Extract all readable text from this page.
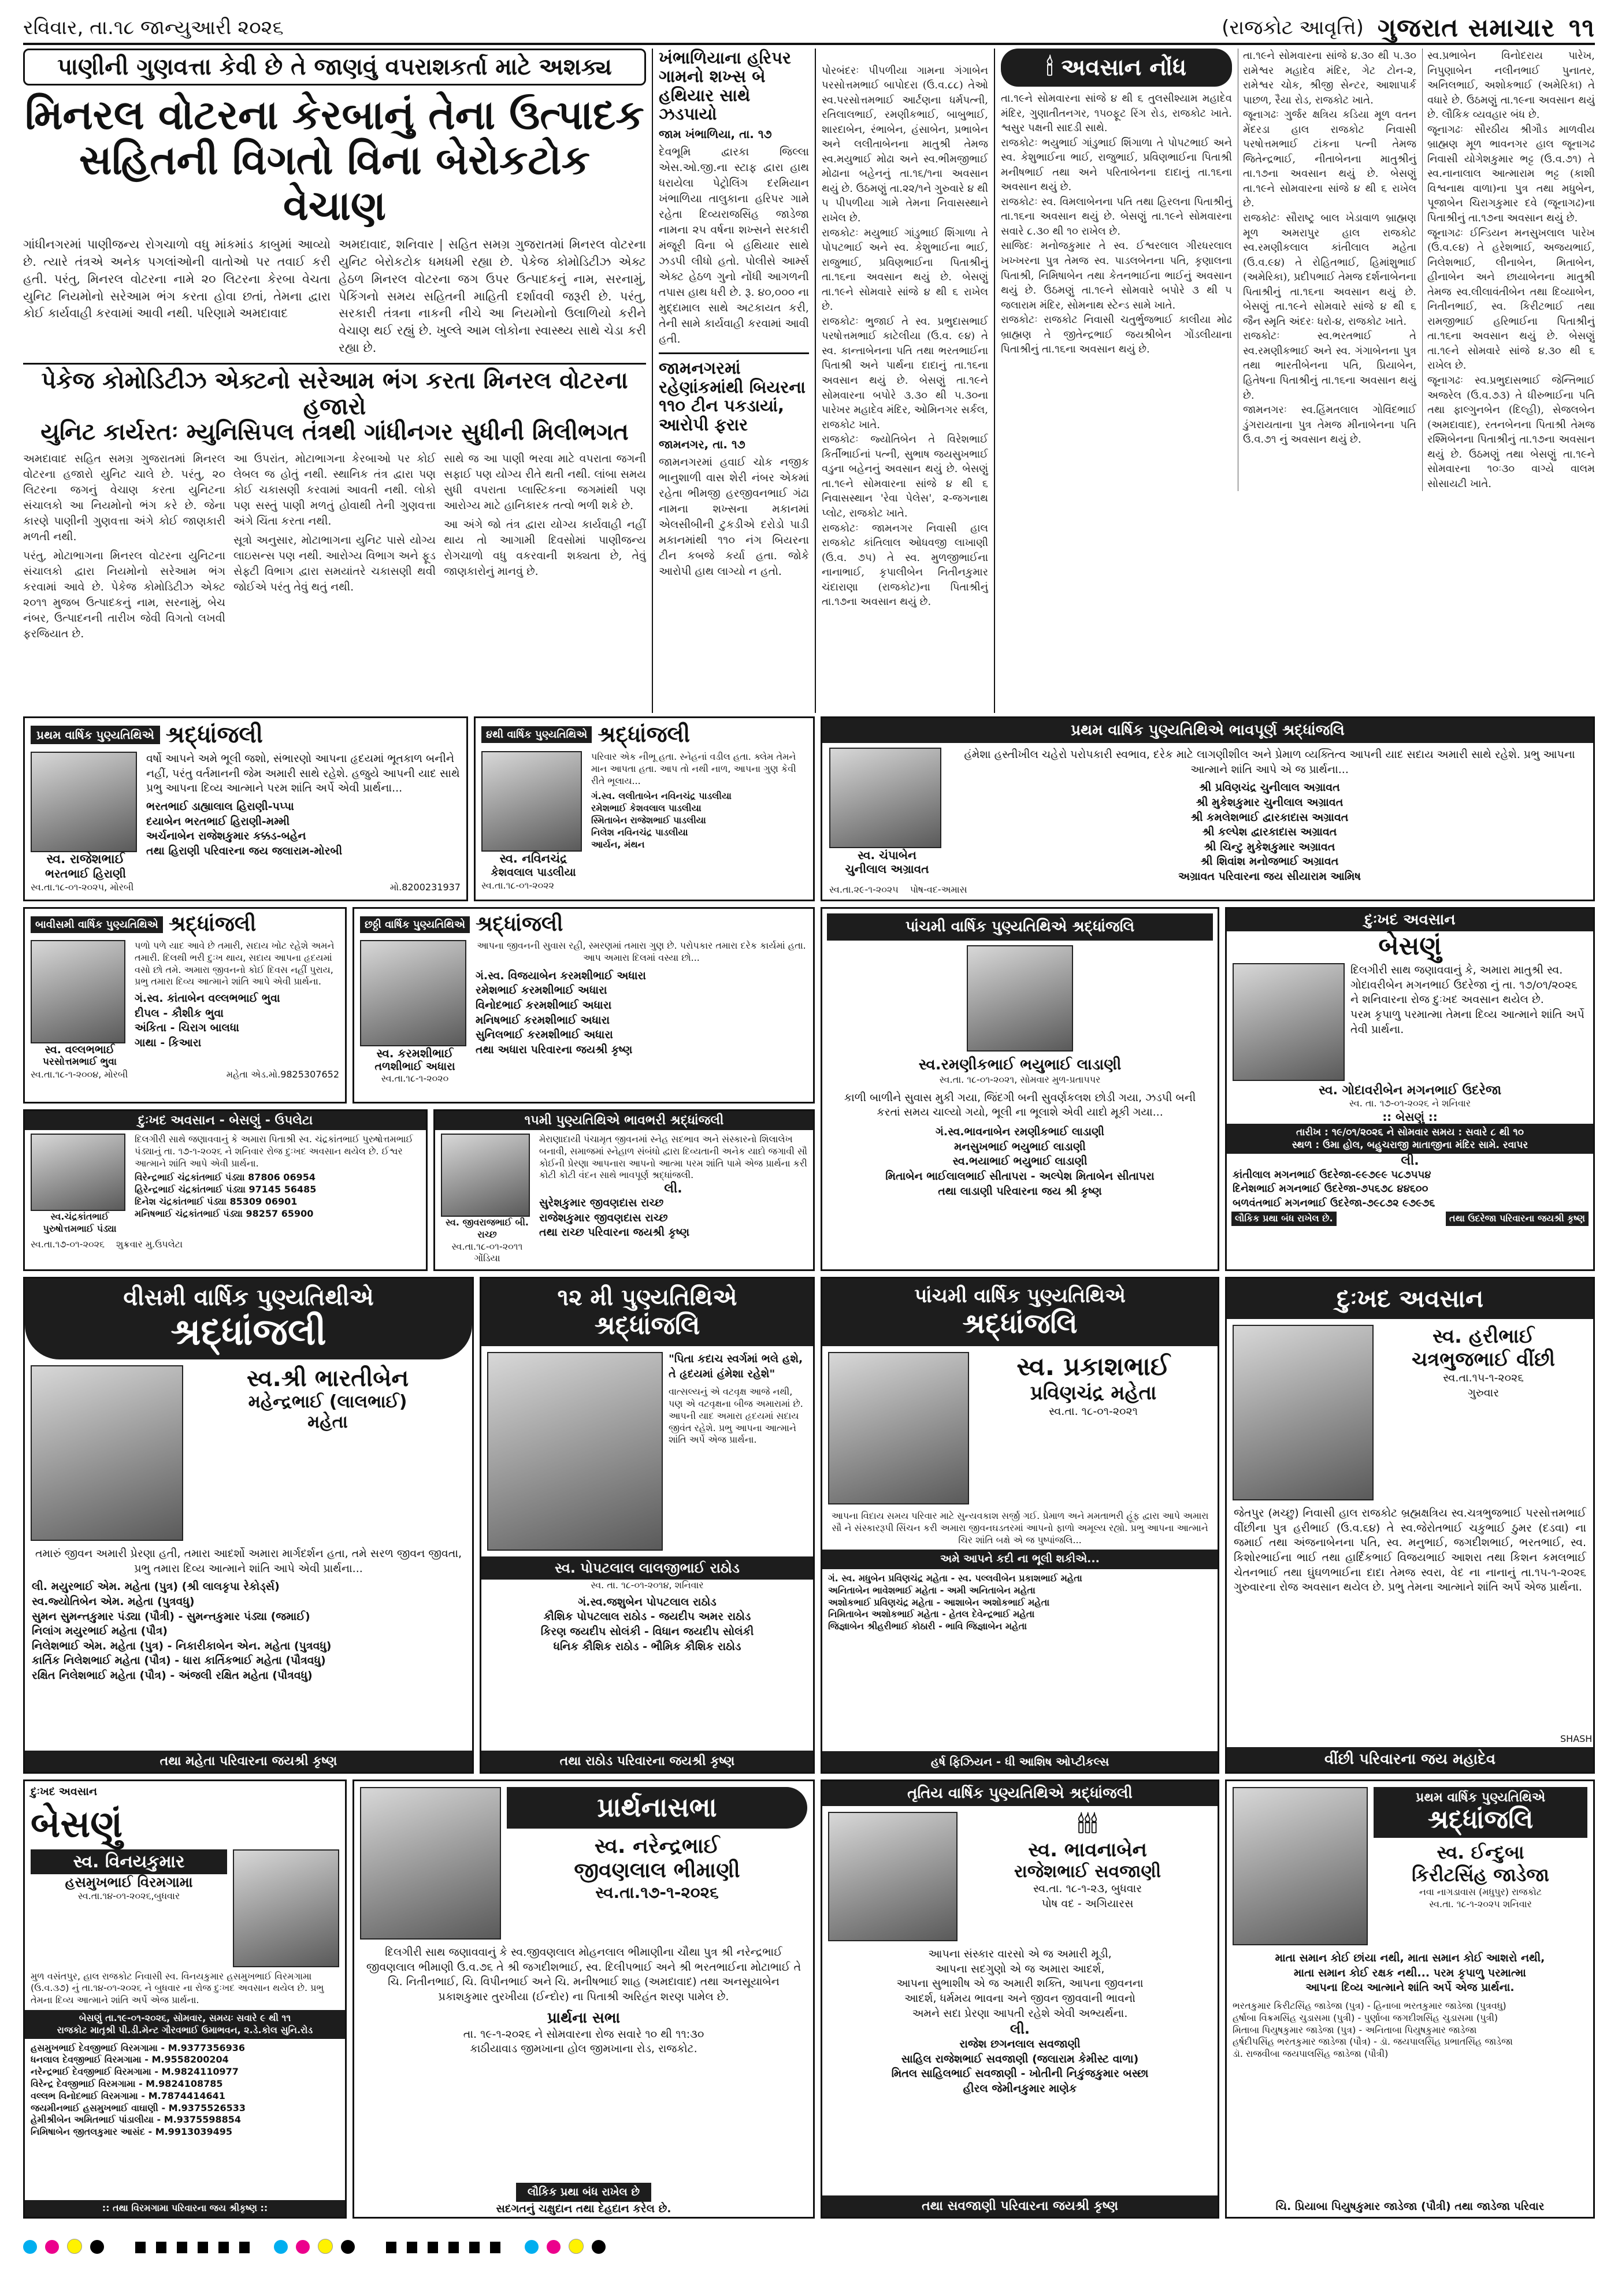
રવિવાર, તા.૧૮ જાન્યુઆરી ૨૦૨૬	(રાજકોટ આવૃત્તિ) ગુજરાત સમાચાર ૧૧
પાણીની ગુણવત્તા કેવી છે તે જાણવું વપરાશકર્તા માટે અશક્ય
મિનરલ વોટરના કેરબાનું તેના ઉત્પાદક
સહિતની વિગતો વિના બેરોકટોક વેચાણ
ગાંધીનગરમાં પાણીજન્ય રોગચાળો વધુ માંકમાંડ કાબુમાં આવ્યો છે. ત્યારે તંત્રએ અનેક પગલાંઓની વાતોઓ પર તવાઈ કરી હતી. પરંતુ, મિનરલ વોટરના નામે ૨૦ લિટરના કેરબા વેચતા યુનિટ નિયમોનો સરેઆમ ભંગ કરતા હોવા છતાં, તેમના દ્વારા કોઈ કાર્યવાહી કરવામાં આવી નથી. પરિણામે અમદાવાદ
અમદાવાદ, શનિવાર | સહિત સમગ્ર ગુજરાતમાં મિનરલ વોટરના યુનિટ બેરોકટોક ધમધમી રહ્યા છે. પેકેજ કોમોડિટીઝ એક્ટ હેઠળ મિનરલ વોટરના જગ ઉપર ઉત્પાદકનું નામ, સરનામું, પેકિંગનો સમય સહિતની માહિતી દર્શાવવી જરૂરી છે. પરંતુ, સરકારી તંત્રના નાકની નીચે આ નિયમોનો ઉલાળિયો કરીને વેચાણ થઈ રહ્યું છે. ખુલ્લે આમ લોકોના સ્વાસ્થ્ય સાથે ચેડા કરી રહ્યા છે.
પેકેજ કોમોડિટીઝ એક્ટનો સરેઆમ ભંગ કરતા મિનરલ વોટરના હજારો
યુનિટ કાર્યરતઃ મ્યુનિસિપલ તંત્રથી ગાંધીનગર સુધીની મિલીભગત

અમદાવાદ સહિત સમગ્ર ગુજરાતમાં મિનરલ વોટરના હજારો યુનિટ ચાલે છે. પરંતુ, ૨૦ લિટરના જગનું વેચાણ કરતા યુનિટના સંચાલકો આ નિયમોનો ભંગ કરે છે. જેના કારણે પાણીની ગુણવત્તા અંગે કોઈ જાણકારી મળતી નથી.

પરંતુ, મોટાભાગના મિનરલ વોટરના યુનિટના સંચાલકો દ્વારા નિયમોનો સરેઆમ ભંગ કરવામાં આવે છે. પેકેજ કોમોડિટીઝ એક્ટ ૨૦૧૧ મુજબ ઉત્પાદકનું નામ, સરનામું, બેચ નંબર, ઉત્પાદનની તારીખ જેવી વિગતો લખવી ફરજિયાત છે.

આ ઉપરાંત, મોટાભાગના કેરબાઓ પર કોઈ લેબલ જ હોતું નથી. સ્થાનિક તંત્ર દ્વારા પણ કોઈ ચકાસણી કરવામાં આવતી નથી. લોકો પણ સસ્તું પાણી મળતું હોવાથી તેની ગુણવત્તા અંગે ચિંતા કરતા નથી.

સૂત્રો અનુસાર, મોટાભાગના યુનિટ પાસે યોગ્ય લાઇસન્સ પણ નથી. આરોગ્ય વિભાગ અને ફૂડ સેફ્ટી વિભાગ દ્વારા સમયાંતરે ચકાસણી થવી જોઈએ પરંતુ તેવું થતું નથી.

સાથે જ આ પાણી ભરવા માટે વપરાતા જગની સફાઈ પણ યોગ્ય રીતે થતી નથી. લાંબા સમય સુધી વપરાતા પ્લાસ્ટિકના જગમાંથી પણ આરોગ્ય માટે હાનિકારક તત્વો ભળી શકે છે.

આ અંગે જો તંત્ર દ્વારા યોગ્ય કાર્યવાહી નહીં થાય તો આગામી દિવસોમાં પાણીજન્ય રોગચાળો વધુ વકરવાની શક્યતા છે, તેવું જાણકારોનું માનવું છે.

ખંભાળિયાના હરિપર ગામનો શખ્સ બે હથિયાર સાથે ઝડપાયો
જામ ખંભાળિયા, તા. ૧૭
દેવભૂમિ દ્વારકા જિલ્લા એસ.ઓ.જી.ના સ્ટાફ દ્વારા હાથ ધરાયેલા પેટ્રોલિંગ દરમિયાન ખંભાળિયા તાલુકાના હરિપર ગામે રહેતા દિવ્યરાજસિંહ જાડેજા નામના ૨૫ વર્ષના શખ્સને સરકારી મંજૂરી વિના બે હથિયાર સાથે ઝડપી લીધો હતો. પોલીસે આર્મ્સ એક્ટ હેઠળ ગુનો નોંધી આગળની તપાસ હાથ ધરી છે. રૂ. ૪૦,૦૦૦ ના મુદ્દામાલ સાથે અટકાયત કરી, તેની સામે કાર્યવાહી કરવામાં આવી હતી.
જામનગરમાં રહેણાંકમાંથી બિયરના ૧૧૦ ટીન પકડાયાં, આરોપી ફરાર
જામનગર, તા. ૧૭
જામનગરમાં હવાઈ ચોક નજીક ભાનુશાળી વાસ શેરી નંબર એકમાં રહેતા ભીમજી હરજીવનભાઈ ગંઢા નામના શખ્સના મકાનમાં એલસીબીની ટુકડીએ દરોડો પાડી મકાનમાંથી ૧૧૦ નંગ બિયરના ટીન કબજે કર્યા હતા. જોકે આરોપી હાથ લાગ્યો ન હતો.

પોરબંદરઃ પીપળીયા ગામના ગંગાબેન પરસોત્તમભાઈ બાપોદરા (ઉ.વ.૮૮) તેઓ સ્વ.પરસોત્તમભાઈ આર્ટણના ધર્મપત્ની, રતિલાલભાઈ, રમણીકભાઈ, બાબુભાઈ, શારદાબેન, રંભાબેન, હંસાબેન, પ્રભાબેન અને લલીતાબેનના માતુશ્રી તેમજ સ્વ.મયુભાઈ મોઢા અને સ્વ.ભીમજીભાઈ મોઢાના બહેનનું તા.૧૬/૧ના અવસાન થયું છે. ઉઠમણું તા.૨૨/૧ને ગુરુવારે ૪ થી ૫ પીપળીયા ગામે તેમના નિવાસસ્થાને રાખેલ છે.
રાજકોટઃ મયુભાઈ ગાંડુભાઈ શિંગાળા તે પોપટભાઈ અને સ્વ. કેશુભાઈના ભાઈ, રાજુભાઈ, પ્રવિણભાઈના પિતાશ્રીનું તા.૧૬ના અવસાન થયું છે. બેસણું તા.૧૯ને સોમવારે સાંજે ૪ થી ૬ રાખેલ છે.
રાજકોટઃ ભુજાઈ તે સ્વ. પ્રભુદાસભાઈ પરષોત્તમભાઈ કાટેલીયા (ઉ.વ. ૯૪) તે સ્વ. કાન્તાબેનના પતિ તથા ભરતભાઈના પિતાશ્રી અને પાર્થના દાદાનું તા.૧૬ના અવસાન થયું છે. બેસણું તા.૧૯ને સોમવારના બપોરે ૩.૩૦ થી ૫.૩૦ના પારેખર મહાદેવ મંદિર, ઓમિનગર સર્કલ, રાજકોટ ખાતે.
રાજકોટઃ જ્યોતિબેન તે વિરેશભાઈ કિર્તીભાઈનાં પત્ની, સુભાષ જયસુખભાઈ વડુના બહેનનું અવસાન થયું છે. બેસણું તા.૧૯ને સોમવારના સાંજે ૪ થી ૬ નિવાસસ્થાન 'રેવા પેલેસ', ૨-જગનાથ પ્લોટ, રાજકોટ ખાતે.
રાજકોટઃ જામનગર નિવાસી હાલ રાજકોટ કાંતિલાલ ઓધવજી લાખાણી (ઉ.વ. ૭૫) તે સ્વ. મુળજીભાઈના નાનાભાઈ, કૃપાલીબેન નિતીનકુમાર ચંદારાણા (રાજકોટ)ના પિતાશ્રીનું તા.૧૭ના અવસાન થયું છે.

🕯 અવસાન નોંધ
તા.૧૯ને સોમવારના સાંજે ૪ થી ૬ તુલસીશ્યામ મહાદેવ મંદિર, ગુણાતીતનગર, ૧૫૦ફૂટ રિંગ રોડ, રાજકોટ ખાતે. શ્વસુર પક્ષની સાદડી સાથે.
રાજકોટઃ ભયુભાઈ ગાંડુભાઈ શિંગાળા તે પોપટભાઈ અને સ્વ. કેશુભાઈના ભાઈ, રાજુભાઈ, પ્રવિણભાઈના પિતાશ્રી મનીષભાઈ તથા અને પરિતાબેનના દાદાનું તા.૧૬ના અવસાન થયું છે.
રાજકોટઃ સ્વ. વિમલાબેનના પતિ તથા હિરલના પિતાશ્રીનું તા.૧૬ના અવસાન થયું છે. બેસણું તા.૧૯ને સોમવારના સવારે ૮.૩૦ થી ૧૦ રાખેલ છે.
સાજિદઃ મનોજકુમાર તે સ્વ. ઈશ્વરલાલ ગીરધરલાલ ખખ્ખરના પુત્ર તેમજ સ્વ. પાડલબેનના પતિ, કૃણાલના પિતાશ્રી, નિમિષાબેન તથા કેતનભાઈના ભાઈનું અવસાન થયું છે. ઉઠમણું તા.૧૯ને સોમવારે બપોરે ૩ થી ૫ જલારામ મંદિર, સોમનાથ સ્ટેન્ડ સામે ખાતે.
રાજકોટઃ રાજકોટ નિવાસી ચતુર્ભુજભાઈ કાલીયા મોઢ બ્રાહ્મણ તે જીતેન્દ્રભાઈ જયશ્રીબેન ગોંડલીયાના પિતાશ્રીનું તા.૧૬ના અવસાન થયું છે.
તા.૧૯ને સોમવારના સાંજે ૪.૩૦ થી ૫.૩૦ રામેશ્વર મહાદેવ મંદિર, ગેટ ટોન-૨, રામેશ્વર ચોક, શ્રીજી સેન્ટર, આશાપાર્ક પાછળ, રૈયા રોડ, રાજકોટ ખાતે.
જૂનાગઢઃ ગુર્જર ક્ષત્રિય કડિયા મૂળ વતન મેંદરડા હાલ રાજકોટ નિવાસી પરષોત્તમભાઈ ટાંકના પત્ની તેમજ જિતેન્દ્રભાઈ, નીતાબેનના માતુશ્રીનું તા.૧૭ના અવસાન થયું છે. બેસણું તા.૧૯ને સોમવારના સાંજે ૪ થી ૬ રાખેલ છે.
રાજકોટઃ સૌરાષ્ટ્ર બાલ ખેડાવાળ બ્રાહ્મણ મૂળ અમરાપુર હાલ રાજકોટ સ્વ.રમણીકલાલ કાંતીલાલ મહેતા (ઉ.વ.૯૪) તે રોહિતભાઈ, હિમાંશુભાઈ (અમેરિકા), પ્રદીપભાઈ તેમજ દર્શનાબેનના પિતાશ્રીનું તા.૧૬ના અવસાન થયું છે. બેસણું તા.૧૯ને સોમવારે સાંજે ૪ થી ૬ જૈન સ્મૃતિ અંદરઃ ધરો-૪, રાજકોટ ખાતે.
રાજકોટઃ સ્વ.ભરતભાઈ તે સ્વ.રમણીકભાઈ અને સ્વ. ગંગાબેનના પુત્ર તથા ભારતીબેનના પતિ, પ્રિયાબેન, હિતેષના પિતાશ્રીનું તા.૧૬ના અવસાન થયું છે.
જામનગરઃ સ્વ.હિંમતલાલ ગોવિંદભાઈ ડુંગરાયતાના પુત્ર તેમજ મીનાબેનના પતિ ઉ.વ.૭૧ નું અવસાન થયું છે.
સ્વ.પ્રભાબેન વિનોદરાય પારેખ, નિપુણાબેન નલીનભાઈ પુનાતર, અનિલભાઈ, અશોકભાઈ (અમેરિકા) તે વધારે છે. ઉઠમણું તા.૧૯ના અવસાન થયું છે. લૌકિક વ્યવહાર બંધ છે.
જૂનાગઢઃ સૌરઠીય શ્રીગૌડ માળવીય બ્રાહ્મણ મૂળ ભાવનગર હાલ જૂનાગઢ નિવાસી યોગેશકુમાર ભટ્ટ (ઉ.વ.૭૧) તે સ્વ.નાનાલાલ આત્મારામ ભટ્ટ (કાશી વિશ્વનાથ વાળા)ના પુત્ર તથા મધુબેન, પૂજાબેન ચિરાગકુમાર દવે (જૂનાગઢ)ના પિતાશ્રીનું તા.૧૭ના અવસાન થયું છે.
જૂનાગઢઃ ઈન્ડિયન મનસુખલાલ પારેખ (ઉ.વ.૯૪) તે હરેશભાઈ, અજયભાઈ, નિલેશભાઈ, લીનાબેન, મિતાબેન, હીનાબેન અને છાયાબેનના માતુશ્રી તેમજ સ્વ.લીલાવંતીબેન તથા દિવ્યાબેન, નિતીનભાઈ, સ્વ. કિરીટભાઈ તથા રામજીભાઈ હરિભાઈના પિતાશ્રીનું તા.૧૬ના અવસાન થયું છે. બેસણું તા.૧૯ને સોમવારે સાંજે ૪.૩૦ થી ૬ રાખેલ છે.
જૂનાગઢઃ સ્વ.પ્રભુદાસભાઈ જેન્તિભાઈ અજરેલ (ઉ.વ.૭૩) તે ધીરુભાઈના પતિ તથા ફાલ્ગુનબેન (દિલ્હી), સેજલબેન (અમદાવાદ), રતનબેનના પિતાશ્રી તેમજ રશ્મિબેનના પિતાશ્રીનું તા.૧૭ના અવસાન થયું છે. ઉઠમણું તથા બેસણું તા.૧૯ને સોમવારના ૧૦ઃ૩૦ વાગ્યે વાલમ સોસાયટી ખાતે.
પ્રથમ વાર્ષિક પુણ્યતિથિએ શ્રદ્ધાંજલી
સ્વ. રાજેશભાઈ
ભરતભાઈ હિરાણી
વર્ષો આપને અમે ભૂલી જશો, સંભારણો આપના હૃદયમાં ભૂતકાળ બનીને નહીં, પરંતુ વર્તમાનની જેમ અમારી સાથે રહેશે. હજુયે આપની યાદ સાથે પ્રભુ આપના દિવ્ય આત્માને પરમ શાંતિ અર્પે એવી પ્રાર્થના...
ભરતભાઈ ડાહ્યાલાલ હિરાણી-પપ્પા
દયાબેન ભરતભાઈ હિરાણી-મમ્મી
અર્ચનાબેન રાજેશકુમાર કક્કડ-બહેન
તથા હિરાણી પરિવારના જય જલારામ-મોરબી
સ્વ.તા.૧૮-૦૧-૨૦૨૫, મોરબી	મો.8200231937
૪થી વાર્ષિક પુણ્યતિથિએ શ્રદ્ધાંજલી
સ્વ. નવિનચંદ્ર
કેશવલાલ પાડલીયા
પરિવાર એક નીભૂ હતા. સ્નેહનાં વડીલ હતા. ક્લેમ તેમને માન આપતા હતા. આપ તો નથી નાળ, આપના ગુણ કેવી રીતે ભૂલાય...
ગં.સ્વ. લલીતાબેન નવિનચંદ્ર પાડલીયા
રમેશભાઈ કેશવલાલ પાડલીયા
સ્મિતાબેન રાજેશભાઈ પાડલીયા
નિલેશ નવિનચંદ્ર પાડલીયા
આર્યન, મંથન
સ્વ.તા.૧૮-૦૧-૨૦૨૨
પ્રથમ વાર્ષિક પુણ્યતિથિએ ભાવપૂર્ણ શ્રદ્ધાંજલિ
સ્વ. ચંપાબેન
ચુનીલાલ અગ્રાવત
હંમેશા હસ્તીખીલ ચહેરો પરોપકારી સ્વભાવ, દરેક માટે લાગણીશીલ અને પ્રેમાળ વ્યક્તિત્વ આપની યાદ સદાય અમારી સાથે રહેશે. પ્રભુ આપના આત્માને શાંતિ આપે એ જ પ્રાર્થના...
શ્રી પ્રવિણચંદ્ર ચુનીલાલ અગ્રાવત
શ્રી મુકેશકુમાર ચુનીલાલ અગ્રાવત
શ્રી કમલેશભાઈ દ્વારકાદાસ અગ્રાવત
શ્રી કલ્પેશ દ્વારકાદાસ અગ્રાવત
શ્રી ચિન્ટુ મુકેશકુમાર અગ્રાવત
શ્રી શિવાંશ મનોજભાઈ અગ્રાવત
અગ્રાવત પરિવારના જય સીયારામ આમિષ
સ્વ.તા.૨૯-૧-૨૦૨૫ પોષ-વદ-અમાસ
બાવીસમી વાર્ષિક પુણ્યતિથિએ શ્રદ્ધાંજલી
સ્વ. વલ્લભભાઈ
પરસોત્તમભાઈ ભુવા
પળો પળે યાદ આવે છે તમારી, સદાય ખોટ રહેશે અમને તમારી. દિલથી ભરી દુઃખ થાય, સદાય આપના હૃદયમાં વસો છો તમે. અમારા જીવનનો કોઈ દિવસ નહીં પુરાય, પ્રભુ તમારા દિવ્ય આત્માને શાંતિ આપે એવી પ્રાર્થના.
ગં.સ્વ. કાંતાબેન વલ્લભભાઈ ભુવા
દીપલ - કૌશીક ભુવા
અંકિતા - ચિરાગ બાલધા
ગાથા - કિઆરા
સ્વ.તા.૧૮-૧-૨૦૦૪, મોરબી	મહેતા એડ.મો.9825307652
છઠ્ઠી વાર્ષિક પુણ્યતિથિએ શ્રદ્ધાંજલી
સ્વ. કરમશીભાઈ
તળશીભાઈ અધારા
સ્વ.તા.૧૮-૧-૨૦૨૦
આપના જીવનની સુવાસ રહી, સ્મરણમાં તમારા ગુણ છે. પરોપકાર તમારા દરેક કાર્યમાં હતા. આપ અમારા દિલમાં વસ્યા છો...
ગં.સ્વ. વિજયાબેન કરમશીભાઈ અધારા
રમેશભાઈ કરમશીભાઈ અધારા
વિનોદભાઈ કરમશીભાઈ અધારા
મનિષભાઈ કરમશીભાઈ અધારા
સુનિલભાઈ કરમશીભાઈ અધારા
તથા અધારા પરિવારના જયશ્રી કૃષ્ણ
પાંચમી વાર્ષિક પુણ્યતિથિએ શ્રદ્ધાંજલિ
સ્વ.રમણીકભાઈ ભયુભાઈ લાડાણી
સ્વ.તા. ૧૮-૦૧-૨૦૨૧, સોમવાર મુળ-પ્રતાપપર
કાળી બાળીને સુવાસ મુકી ગયા, જિંદગી બની સુવર્ણકલશ છોડી ગયા, ઝડપી બની કરતાં સમય ચાલ્યો ગયો, ભૂલી ના ભૂલાશે એવી યાદો મૂકી ગયા...
ગં.સ્વ.ભાવનાબેન રમણીકભાઈ લાડાણી
મનસુખભાઈ ભયુભાઈ લાડાણી
સ્વ.ભયાભાઈ ભયુભાઈ લાડાણી
મિતાબેન ભાઈલાલભાઈ સીતાપરા - અલ્પેશ મિતાબેન સીતાપરા
તથા લાડાણી પરિવારના જય શ્રી કૃષ્ણ
દુઃખદ અવસાન
બેસણું
દિલગીરી સાથ જણાવવાનું કે, અમારા માતુશ્રી સ્વ. ગોદાવરીબેન મગનભાઈ ઉદરેજા નું તા. ૧૭/૦૧/૨૦૨૬ ને શનિવારના રોજ દુઃખદ અવસાન થયેલ છે.
પરમ કૃપાળુ પરમાત્મા તેમના દિવ્ય આત્માને શાંતિ અર્પે તેવી પ્રાર્થના.
સ્વ. ગોદાવરીબેન મગનભાઈ ઉદરેજા
સ્વ. તા. ૧૭-૦૧-૨૦૨૬ ને શનિવાર
:: બેસણું ::
તારીખ : ૧૯/૦૧/૨૦૨૬ ને સોમવાર સમય : સવારે ૮ થી ૧૦
સ્થળ : ઉમા હોલ, બહુચરાજી માતાજીના મંદિર સામે. રવાપર
લી.
કાંતીલાલ મગનભાઈ ઉદરેજા-૯૯૭૯૯ ૫૮૭૫૫૪
દિનેશભાઈ મગનભાઈ ઉદરેજા-૭૫૬૭૮ ૪૪૬૦૦
બળવંતભાઈ મગનભાઈ ઉદરેજા-૭૯૮૭૨ ૯૭૯૭૬
લૌકિક પ્રથા બંધ રાખેલ છે.	તથા ઉદરેજા પરિવારના જયશ્રી કૃષ્ણ
દુઃખદ અવસાન - બેસણું - ઉપલેટા
સ્વ.ચંદ્રકાંતભાઈ
પુરુષોત્તમભાઈ પંડ્યા
દિલગીરી સાથે જણાવવાનું કે અમારા પિતાશ્રી સ્વ. ચંદ્રકાંતભાઈ પુરુષોત્તમભાઈ પંડ્યાનું તા. ૧૭-૧-૨૦૨૬ ને શનિવાર રોજ દુઃખદ અવસાન થયેલ છે. ઈશ્વર આત્માને શાંતિ આપે એવી પ્રાર્થના.
વિરેન્દ્રભાઈ ચંદ્રકાંતભાઈ પંડ્યા 87806 06954
હિરેન્દ્રભાઈ ચંદ્રકાંતભાઈ પંડ્યા 97145 56485
દિનેશ ચંદ્રકાંતભાઈ પંડ્યા 85309 06901
મનિષભાઈ ચંદ્રકાંતભાઈ પંડ્યા 98257 65900
સ્વ.તા.૧૭-૦૧-૨૦૨૬ શુક્રવાર મુ.ઉપલેટા
૧૫મી પુણ્યતિથિએ ભાવભરી શ્રદ્ધાંજલી
સ્વ. જીવરાજભાઈ બી. રાચ્છ
સ્વ.તા.૧૮-૦૧-૨૦૧૧
ગોંડિયા
મેરાણાદાયી પંચામૃત જીવનમાં સ્નેહ સદભાવ અને સંસ્કારનો શિલાલેખ બનાવી, સમાજમાં સ્નેહાળ સંબંધો દ્વારા દિવ્યતાની અનેક યાદો જગાવી સૌ કોઈની પ્રેરણા આપનારા આપનો આત્મા પરમ શાંતિ પામે એજ પ્રાર્થના કરી કોટી કોટી વંદન સાથે ભાવપૂર્ણ શ્રદ્ધાંજલી.
લી.
સુરેશકુમાર જીવણદાસ રાચ્છ
રાજેશકુમાર જીવણદાસ રાચ્છ
તથા રાચ્છ પરિવારના જયશ્રી કૃષ્ણ
વીસમી વાર્ષિક પુણ્યતિથીએ
શ્રદ્ધાંજલી
સ્વ.શ્રી ભારતીબેન
મહેન્દ્રભાઈ (લાલભાઈ)
મહેતા
તમારું જીવન અમારી પ્રેરણા હતી, તમારા આદર્શો અમારા માર્ગદર્શન હતા, તમે સરળ જીવન જીવતા, પ્રભુ તમારા દિવ્ય આત્માને શાંતિ આપે એવી પ્રાર્થના...
લી. મયુરભાઈ એમ. મહેતા (પુત્ર) (શ્રી લાલકૃપા રેકોર્ડ્સ)
સ્વ.જ્યોતિબેન એમ. મહેતા (પુત્રવધુ)
સુમન સુમન્તકુમાર પંડ્યા (પૌત્રી) - સુમન્તકુમાર પંડ્યા (જમાઈ)
નિલાંગ મયુરભાઈ મહેતા (પૌત્ર)
નિલેશભાઈ એમ. મહેતા (પુત્ર) - નિકારીકાબેન એન. મહેતા (પુત્રવધુ)
કાર્તિક નિલેશભાઈ મહેતા (પૌત્ર) - ધારા કાર્તિકભાઈ મહેતા (પૌત્રવધુ)
રક્ષિત નિલેશભાઈ મહેતા (પૌત્ર) - અંજલી રક્ષિત મહેતા (પૌત્રવધુ)
તથા મહેતા પરિવારના જયશ્રી કૃષ્ણ
૧૨ મી પુણ્યતિથિએ
શ્રદ્ધાંજલિ
"પિતા કદાચ સ્વર્ગમાં ભલે હશે, તે હૃદયમાં હંમેશા રહેશે"
વાત્સલ્યનું એ વટવૃક્ષ આજે નથી, પણ એ વટવૃક્ષના બીજ અમારામાં છે. આપની યાદ અમારા હૃદયમાં સદાય જીવંત રહેશે. પ્રભુ આપના આત્માને શાંતિ અર્પે એજ પ્રાર્થના.
સ્વ. પોપટલાલ લાલજીભાઈ રાઠોડ
સ્વ. તા. ૧૮-૦૧-૨૦૧૪, શનિવાર
ગં.સ્વ.જશુબેન પોપટલાલ રાઠોડ
કૌશિક પોપટલાલ રાઠોડ - જયદીપ અમર રાઠોડ
કિરણ જયદીપ સોલંકી - વિધાન જયદીપ સોલંકી
ધનિક કૌશિક રાઠોડ - ભૌમિક કૌશિક રાઠોડ
તથા રાઠોડ પરિવારના જયશ્રી કૃષ્ણ
પાંચમી વાર્ષિક પુણ્યતિથિએ
શ્રદ્ધાંજલિ
સ્વ. પ્રકાશભાઈ
પ્રવિણચંદ્ર મહેતા
સ્વ.તા. ૧૮-૦૧-૨૦૨૧
આપના વિદાય સમય પરિવાર માટે સુન્યવકાશ સર્જી ગઈ. પ્રેમાળ અને મમતાભરી હૂંફ દ્વારા આપે અમારા સૌ ને સંસ્કારરૂપી સિંચન કરી અમારા જીવનઘડતરમાં આપનો ફાળો અમૂલ્ય રહ્યો. પ્રભુ આપના આત્માને ચિર શાંતિ બક્ષે એ જ પુષ્પાંજલિ...
અમે આપને કદી ના ભૂલી શકીએ...
ગં. સ્વ. મધુબેન પ્રવિણચંદ્ર મહેતા - સ્વ. પલ્લવીબેન પ્રકાશભાઈ મહેતા
અનિતાબેન ભાવેશભાઈ મહેતા - અમી અનિતાબેન મહેતા
અશોકભાઈ પ્રવિણચંદ્ર મહેતા - આશાબેન અશોકભાઈ મહેતા
નિમિતાબેન અશોકભાઈ મહેતા - હેતલ દેવેન્દ્રભાઈ મહેતા
જિજ્ઞાબેન શ્રીહરીભાઈ કોઠારી - ભાવિ જિજ્ઞાબેન મહેતા
હર્ષ ફિઝિયન - ધી આશિષ ઓપ્ટીકલ્સ
દુઃખદ અવસાન
સ્વ. હરીભાઈ
ચત્રભુજભાઈ વીંછી
સ્વ.તા.૧૫-૧-૨૦૨૬
ગુરુવાર
જેતપુર (મચ્છુ) નિવાસી હાલ રાજકોટ બ્રહ્મક્ષત્રિય સ્વ.ચત્રભુજભાઈ પરસોત્તમભાઈ વીંછીના પુત્ર હરીભાઈ (ઉ.વ.૬૪) તે સ્વ.જેરોતભાઈ ચકુભાઈ ઠુમર (દડવા) ના જમાઈ તથા અંજનાબેનના પતિ, સ્વ. મનુભાઈ, જગદીશભાઈ, ભરતભાઈ, સ્વ. કિશોરભાઈના ભાઈ તથા હાર્દિકભાઈ વિજયભાઈ આશરા તથા કિશન કમલભાઈ ચેતનભાઈ તથા ઘુંઘળભાઈના દાદા તેમજ સ્વરા, વેદ ના નાનાનું તા.૧૫-૧-૨૦૨૬ ગુરુવારના રોજ અવસાન થયેલ છે. પ્રભુ તેમના આત્માને શાંતિ અર્પે એજ પ્રાર્થના.
વીંછી પરિવારના જય મહાદેવ
દુઃખદ અવસાન
બેસણું
સ્વ. વિનયકુમાર
હસમુખભાઈ વિરમગામા
સ્વ.તા.૧૪-૦૧-૨૦૨૬,બુધવાર
મુળ વસંતપુર, હાલ રાજકોટ નિવાસી સ્વ. વિનયકુમાર હસમુખભાઈ વિરમગામા (ઉ.વ.૩૭) નું તા.૧૪-૦૧-૨૦૨૬ ને બુધવાર ના રોજ દુઃખદ અવસાન થયેલ છે. પ્રભુ તેમના દિવ્ય આત્માને શાંતિ અર્પે એજ પ્રાર્થના.
બેસણું તા.૧૯-૦૧-૨૦૨૬, સોમવાર, સમયઃ સવારે ૯ થી ૧૧
રાજકોટ માતૃશ્રી પી.ડી.મેન્ટ ગૌરવભાઈ ઉમાભવન, ૨.ડે.કોલ સુનિ.રોડ
હસમુખભાઈ દેવજીભાઈ વિરમગામા - M.9377356936
ધનલાલ દેવજીભાઈ વિરમગામા - M.9558200204
નરેન્દ્રભાઈ દેવજીભાઈ વિરમગામા - M.9824110977
વિરેન્દ્ર દેવજીભાઈ વિરમગામા - M.9824108785
વલ્લભ વિનોદભાઈ વિરમગામા - M.7874414641
જયમીનભાઈ હસમુખભાઈ વાઘાણી - M.9375526533
હેમીશ્રીબેન અમિતભાઈ પાંડાલીયા - M.9375598854
નિમિષાબેન જીતલકુમાર આસંદ - M.9913039495
:: તથા વિરમગામા પરિવારના જય શ્રીકૃષ્ણ ::
પ્રાર્થનાસભા
સ્વ. નરેન્દ્રભાઈ
જીવણલાલ ભીમાણી
સ્વ.તા.૧૭-૧-૨૦૨૬
દિલગીરી સાથ જણાવવાનું કે સ્વ.જીવણલાલ મોહનલાલ ભીમાણીના ચૌથા પુત્ર શ્રી નરેન્દ્રભાઈ જીવણલાલ ભીમાણી ઉ.વ.૭૬ તે શ્રી જગદીશભાઈ, સ્વ. દિલીપભાઈ અને શ્રી ભરતભાઈના મોટાભાઈ તે ચિ. નિતીનભાઈ, ચિ. વિપીનભાઈ અને ચિ. મનીષભાઈ શાહ (અમદાવાદ) તથા અનસૂયાબેન પ્રકાશકુમાર તુરખીયા (ઈન્દોર) ના પિતાશ્રી અરિહંત શરણ પામેલ છે.
પ્રાર્થના સભા
તા. ૧૯-૧-૨૦૨૬ ને સોમવારના રોજ સવારે ૧૦ થી ૧૧:૩૦
કાઠીયાવાડ જીમખાના હોલ જીમખાના રોડ, રાજકોટ.
લૌકિક પ્રથા બંધ રાખેલ છે
સદગતનું ચક્ષુદાન તથા દેહદાન કરેલ છે.
તૃતિય વાર્ષિક પુણ્યતિથિએ શ્રદ્ધાંજલી
🕯🕯🕯
સ્વ. ભાવનાબેન
રાજેશભાઈ સવજાણી
સ્વ.તા. ૧૮-૧-૨૩, બુધવાર
પોષ વદ - અગિયારસ
આપના સંસ્કાર વારસો એ જ અમારી મૂડી,
આપના સદગુણો એ જ અમારા આદર્શ,
આપના સુભાશીષ એ જ અમારી શક્તિ, આપના જીવનના
આદર્શ, ધર્મમય ભાવના અને જીવન જીવવાની ભાવનો
અમને સદા પ્રેરણા આપતી રહેશે એવી અભ્યર્થના.
લી.
રાજેશ છગનલાલ સવજાણી
સાહિલ રાજેશભાઈ સવજાણી (જલારામ કેમીસ્ટ વાળા)
મિતલ સાહિલભાઈ સવજાણી - ખોતીની નિકુંજકુમાર બસ્છા
હીરલ જેમીનકુમાર માણેક
તથા સવજાણી પરિવારના જયશ્રી કૃષ્ણ
પ્રથમ વાર્ષિક પુણ્યતિથિએ
શ્રદ્ધાંજલિ
સ્વ. ઈન્દુબા
કિરીટસિંહ જાડેજા
નવા નાગડાવાસ (મધુપુર) રાજકોટ
સ્વ.તા. ૧૮-૧-૨૦૨૫ શનિવાર
માતા સમાન કોઈ છાંયા નથી, માતા સમાન કોઈ આશરો નથી,
માતા સમાન કોઈ રક્ષક નથી... પરમ કૃપાળુ પરમાત્મા
આપના દિવ્ય આત્માને શાંતિ અર્પે એજ પ્રાર્થના.
ભરતકુમાર કિરીટસિંહ જાડેજા (પુત્ર) - હિનાબા ભરતકુમાર જાડેજા (પુત્રવધુ)
હર્ષાબા વિક્રમસિંહ ચુડાસમા (પુત્રી) - પુર્ણાબા જગદીશસિંહ ચુડાસમા (પુત્રી)
મિતાબા પિયુષકુમાર જાડેજા (પુત્ર) - અનિતાબા પિયુષકુમાર જાડેજા
હર્ષદીપસિંહ ભરતકુમાર જાડેજા (પૌત્ર) - ડૉ. જયપાલસિંહ પ્રભાતસિંહ જાડેજા
ડૉ. રાજવીબા જયપાલસિંહ જાડેજા (પૌત્રી)
ચિ. પ્રિયાબા પિયુષકુમાર જાડેજા (પૌત્રી) તથા જાડેજા પરિવાર
SHASHI
